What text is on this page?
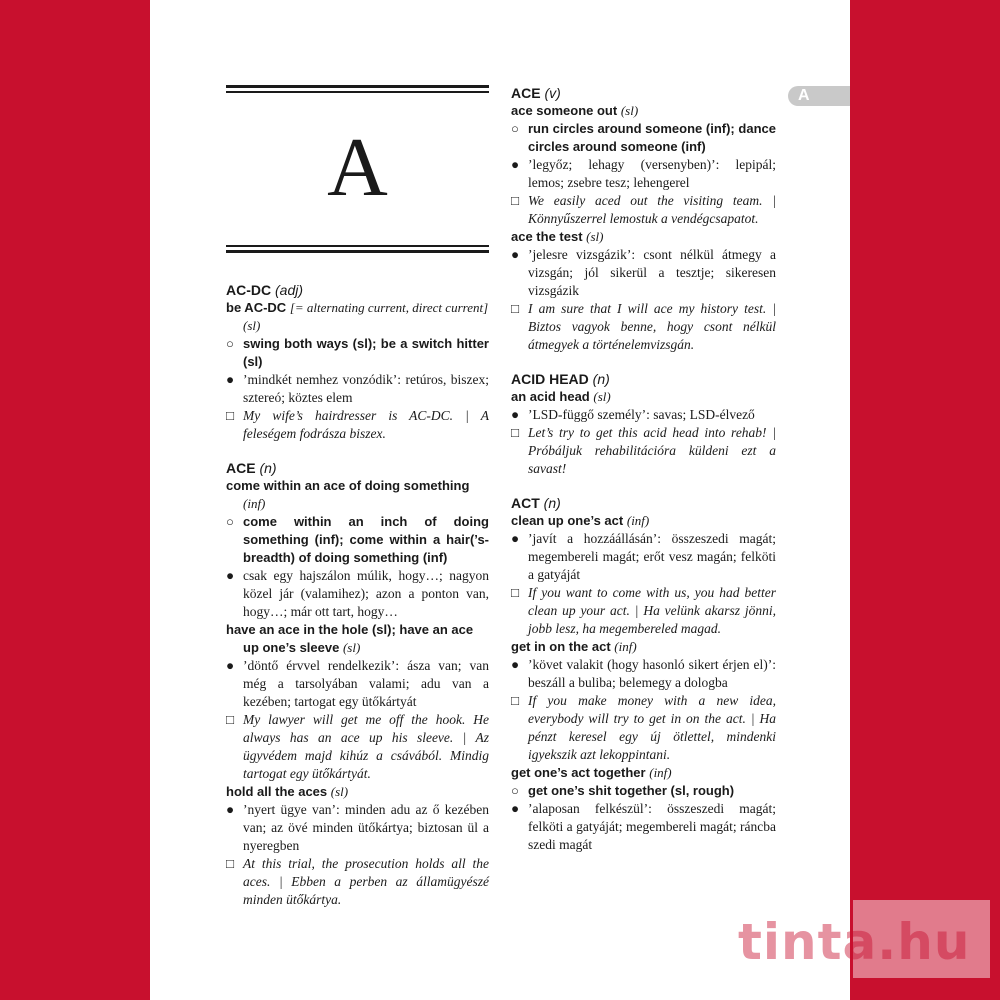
A
A
AC-DC (adj)
be AC-DC [= alternating current, direct current] (sl)
○ swing both ways (sl); be a switch hitter (sl)
● ’mindkét nemhez vonzódik’: retúros, biszex; sztereó; köztes elem
□ My wife’s hairdresser is AC-DC. | A feleségem fodrásza biszex.
ACE (n)
come within an ace of doing something (inf)
○ come within an inch of doing something (inf); come within a hair(’s-breadth) of doing something (inf)
● csak egy hajszálon múlik, hogy…; nagyon közel jár (valamihez); azon a ponton van, hogy…; már ott tart, hogy…
have an ace in the hole (sl); have an ace up one’s sleeve (sl)
● ’döntő érvvel rendelkezik’: ásza van; van még a tarsolyában valami; adu van a kezében; tartogat egy ütőkártyát
□ My lawyer will get me off the hook. He always has an ace up his sleeve. | Az ügyvédem majd kihúz a csávából. Mindig tartogat egy ütőkártyát.
hold all the aces (sl)
● ’nyert ügye van’: minden adu az ő kezében van; az övé minden ütőkártya; biztosan ül a nyeregben
□ At this trial, the prosecution holds all the aces. | Ebben a perben az államügyészé minden ütőkártya.
ACE (v)
ace someone out (sl)
○ run circles around someone (inf); dance circles around someone (inf)
● ’legyőz; lehagy (versenyben)’: lepipál; lemos; zsebre tesz; lehengerel
□ We easily aced out the visiting team. | Könnyűszerrel lemostuk a vendégcsapatot.
ace the test (sl)
● ’jelesre vizsgázik’: csont nélkül átmegy a vizsgán; jól sikerül a tesztje; sikeresen vizsgázik
□ I am sure that I will ace my history test. | Biztos vagyok benne, hogy csont nélkül átmegyek a történelemvizsgán.
ACID HEAD (n)
an acid head (sl)
● ’LSD-függő személy’: savas; LSD-élvező
□ Let’s try to get this acid head into rehab! | Próbáljuk rehabilitációra küldeni ezt a savast!
ACT (n)
clean up one’s act (inf)
● ’javít a hozzáállásán’: összeszedi magát; megembereli magát; erőt vesz magán; felköti a gatyáját
□ If you want to come with us, you had better clean up your act. | Ha velünk akarsz jönni, jobb lesz, ha megembereled magad.
get in on the act (inf)
● ’követ valakit (hogy hasonló sikert érjen el)’: beszáll a buliba; belemegy a dologba
□ If you make money with a new idea, everybody will try to get in on the act. | Ha pénzt keresel egy új ötlettel, mindenki igyekszik azt lekoppintani.
get one’s act together (inf)
○ get one’s shit together (sl, rough)
● ’alaposan felkészül’: összeszedi magát; felköti a gatyáját; megembereli magát; ráncba szedi magát
tinta.hu
